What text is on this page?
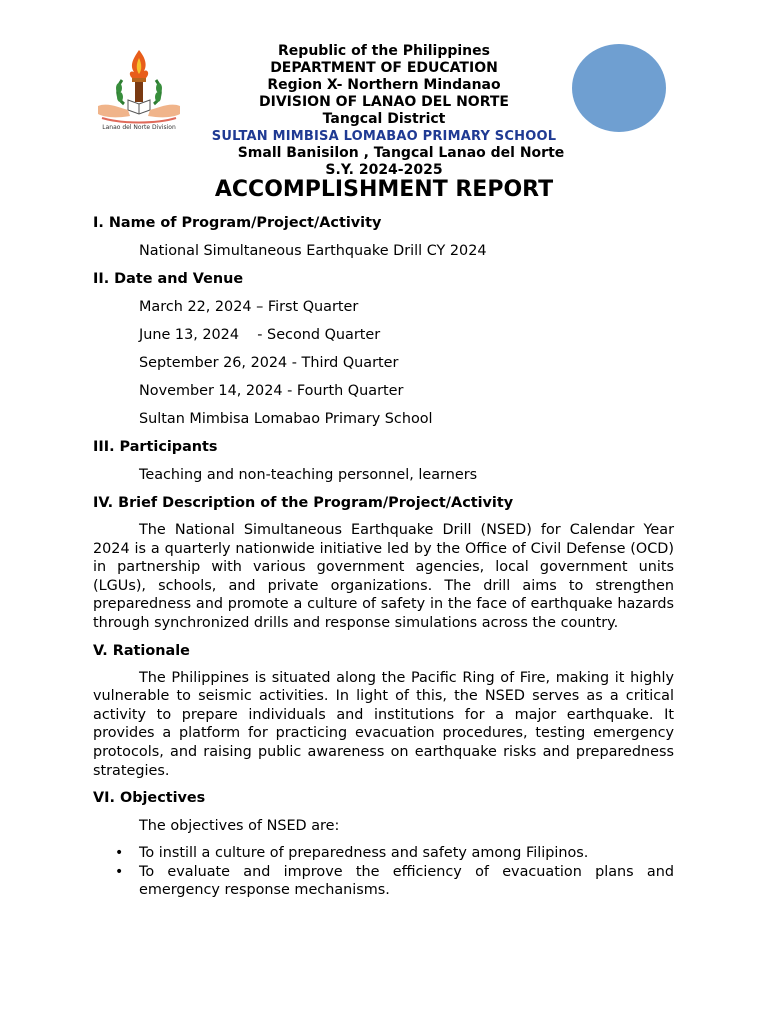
Lanao del Norte Division
Republic of the Philippines
DEPARTMENT OF EDUCATION
Region X- Northern Mindanao
DIVISION OF LANAO DEL NORTE
Tangcal District
SULTAN MIMBISA LOMABAO PRIMARY SCHOOL
Small Banisilon , Tangcal Lanao del Norte
S.Y. 2024-2025
ACCOMPLISHMENT REPORT
I. Name of Program/Project/Activity

National Simultaneous Earthquake Drill CY 2024

II. Date and Venue

March 22, 2024 – First Quarter

June 13, 2024    - Second Quarter

September 26, 2024 - Third Quarter

November 14, 2024 - Fourth Quarter

Sultan Mimbisa Lomabao Primary School

III. Participants

Teaching and non-teaching personnel, learners

IV. Brief Description of the Program/Project/Activity

The National Simultaneous Earthquake Drill (NSED) for Calendar Year 2024 is a quarterly nationwide initiative led by the Office of Civil Defense (OCD) in partnership with various government agencies, local government units (LGUs), schools, and private organizations. The drill aims to strengthen preparedness and promote a culture of safety in the face of earthquake hazards through synchronized drills and response simulations across the country.

V. Rationale

The Philippines is situated along the Pacific Ring of Fire, making it highly vulnerable to seismic activities. In light of this, the NSED serves as a critical activity to prepare individuals and institutions for a major earthquake. It provides a platform for practicing evacuation procedures, testing emergency protocols, and raising public awareness on earthquake risks and preparedness strategies.

VI. Objectives

The objectives of NSED are:

• To instill a culture of preparedness and safety among Filipinos.
• To evaluate and improve the efficiency of evacuation plans and emergency response mechanisms.
